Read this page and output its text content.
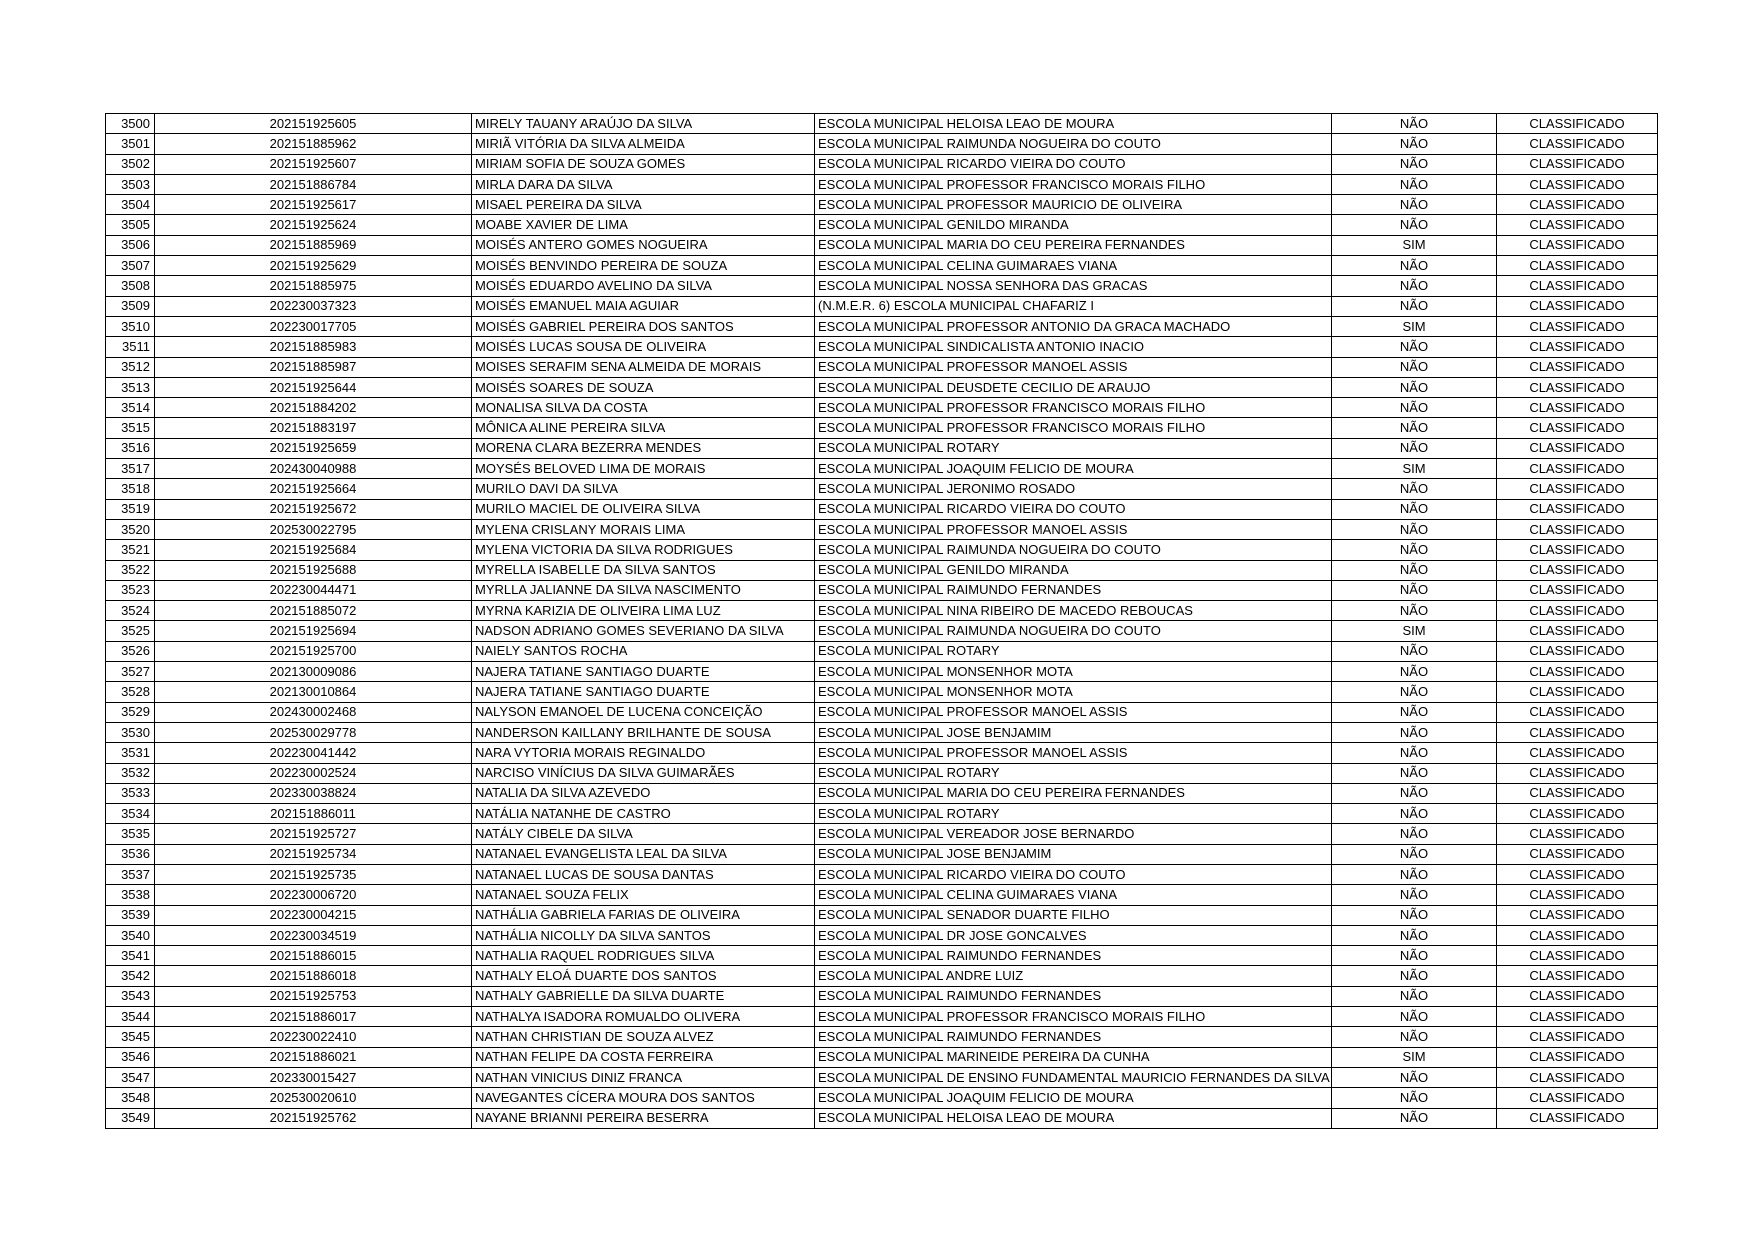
3500	202151925605	MIRELY TAUANY ARAÚJO DA SILVA	ESCOLA MUNICIPAL HELOISA LEAO DE MOURA	NÃO	CLASSIFICADO
3501	202151885962	MIRIÃ VITÓRIA DA SILVA ALMEIDA	ESCOLA MUNICIPAL RAIMUNDA NOGUEIRA DO COUTO	NÃO	CLASSIFICADO
3502	202151925607	MIRIAM SOFIA DE SOUZA GOMES	ESCOLA MUNICIPAL RICARDO VIEIRA DO COUTO	NÃO	CLASSIFICADO
3503	202151886784	MIRLA DARA DA SILVA	ESCOLA MUNICIPAL PROFESSOR FRANCISCO MORAIS FILHO	NÃO	CLASSIFICADO
3504	202151925617	MISAEL PEREIRA DA SILVA	ESCOLA MUNICIPAL PROFESSOR MAURICIO DE OLIVEIRA	NÃO	CLASSIFICADO
3505	202151925624	MOABE XAVIER DE LIMA	ESCOLA MUNICIPAL GENILDO MIRANDA	NÃO	CLASSIFICADO
3506	202151885969	MOISÉS ANTERO GOMES NOGUEIRA	ESCOLA MUNICIPAL MARIA DO CEU PEREIRA FERNANDES	SIM	CLASSIFICADO
3507	202151925629	MOISÉS BENVINDO PEREIRA DE SOUZA	ESCOLA MUNICIPAL CELINA GUIMARAES VIANA	NÃO	CLASSIFICADO
3508	202151885975	MOISÉS EDUARDO AVELINO DA SILVA	ESCOLA MUNICIPAL NOSSA SENHORA DAS GRACAS	NÃO	CLASSIFICADO
3509	202230037323	MOISÉS EMANUEL MAIA AGUIAR	(N.M.E.R. 6) ESCOLA MUNICIPAL CHAFARIZ I	NÃO	CLASSIFICADO
3510	202230017705	MOISÉS GABRIEL PEREIRA DOS SANTOS	ESCOLA MUNICIPAL PROFESSOR ANTONIO DA GRACA MACHADO	SIM	CLASSIFICADO
3511	202151885983	MOISÉS LUCAS SOUSA DE OLIVEIRA	ESCOLA MUNICIPAL SINDICALISTA ANTONIO INACIO	NÃO	CLASSIFICADO
3512	202151885987	MOISES SERAFIM SENA ALMEIDA DE MORAIS	ESCOLA MUNICIPAL PROFESSOR MANOEL ASSIS	NÃO	CLASSIFICADO
3513	202151925644	MOISÉS SOARES DE SOUZA	ESCOLA MUNICIPAL DEUSDETE CECILIO DE ARAUJO	NÃO	CLASSIFICADO
3514	202151884202	MONALISA SILVA DA COSTA	ESCOLA MUNICIPAL PROFESSOR FRANCISCO MORAIS FILHO	NÃO	CLASSIFICADO
3515	202151883197	MÔNICA ALINE PEREIRA SILVA	ESCOLA MUNICIPAL PROFESSOR FRANCISCO MORAIS FILHO	NÃO	CLASSIFICADO
3516	202151925659	MORENA CLARA BEZERRA MENDES	ESCOLA MUNICIPAL ROTARY	NÃO	CLASSIFICADO
3517	202430040988	MOYSÉS BELOVED LIMA DE MORAIS	ESCOLA MUNICIPAL JOAQUIM FELICIO DE MOURA	SIM	CLASSIFICADO
3518	202151925664	MURILO DAVI DA SILVA	ESCOLA MUNICIPAL JERONIMO ROSADO	NÃO	CLASSIFICADO
3519	202151925672	MURILO MACIEL DE OLIVEIRA SILVA	ESCOLA MUNICIPAL RICARDO VIEIRA DO COUTO	NÃO	CLASSIFICADO
3520	202530022795	MYLENA CRISLANY MORAIS LIMA	ESCOLA MUNICIPAL PROFESSOR MANOEL ASSIS	NÃO	CLASSIFICADO
3521	202151925684	MYLENA VICTORIA DA SILVA RODRIGUES	ESCOLA MUNICIPAL RAIMUNDA NOGUEIRA DO COUTO	NÃO	CLASSIFICADO
3522	202151925688	MYRELLA ISABELLE DA SILVA SANTOS	ESCOLA MUNICIPAL GENILDO MIRANDA	NÃO	CLASSIFICADO
3523	202230044471	MYRLLA JALIANNE DA SILVA NASCIMENTO	ESCOLA MUNICIPAL RAIMUNDO FERNANDES	NÃO	CLASSIFICADO
3524	202151885072	MYRNA KARIZIA DE OLIVEIRA LIMA LUZ	ESCOLA MUNICIPAL NINA RIBEIRO DE MACEDO REBOUCAS	NÃO	CLASSIFICADO
3525	202151925694	NADSON ADRIANO GOMES SEVERIANO DA SILVA	ESCOLA MUNICIPAL RAIMUNDA NOGUEIRA DO COUTO	SIM	CLASSIFICADO
3526	202151925700	NAIELY SANTOS ROCHA	ESCOLA MUNICIPAL ROTARY	NÃO	CLASSIFICADO
3527	202130009086	NAJERA TATIANE SANTIAGO DUARTE	ESCOLA MUNICIPAL MONSENHOR MOTA	NÃO	CLASSIFICADO
3528	202130010864	NAJERA TATIANE SANTIAGO DUARTE	ESCOLA MUNICIPAL MONSENHOR MOTA	NÃO	CLASSIFICADO
3529	202430002468	NALYSON EMANOEL DE LUCENA CONCEIÇÃO	ESCOLA MUNICIPAL PROFESSOR MANOEL ASSIS	NÃO	CLASSIFICADO
3530	202530029778	NANDERSON KAILLANY BRILHANTE DE SOUSA	ESCOLA MUNICIPAL JOSE BENJAMIM	NÃO	CLASSIFICADO
3531	202230041442	NARA VYTORIA MORAIS REGINALDO	ESCOLA MUNICIPAL PROFESSOR MANOEL ASSIS	NÃO	CLASSIFICADO
3532	202230002524	NARCISO VINÍCIUS DA SILVA GUIMARÃES	ESCOLA MUNICIPAL ROTARY	NÃO	CLASSIFICADO
3533	202330038824	NATALIA DA SILVA AZEVEDO	ESCOLA MUNICIPAL MARIA DO CEU PEREIRA FERNANDES	NÃO	CLASSIFICADO
3534	202151886011	NATÁLIA NATANHE DE CASTRO	ESCOLA MUNICIPAL ROTARY	NÃO	CLASSIFICADO
3535	202151925727	NATÁLY CIBELE DA SILVA	ESCOLA MUNICIPAL VEREADOR JOSE BERNARDO	NÃO	CLASSIFICADO
3536	202151925734	NATANAEL EVANGELISTA LEAL DA SILVA	ESCOLA MUNICIPAL JOSE BENJAMIM	NÃO	CLASSIFICADO
3537	202151925735	NATANAEL LUCAS DE SOUSA DANTAS	ESCOLA MUNICIPAL RICARDO VIEIRA DO COUTO	NÃO	CLASSIFICADO
3538	202230006720	NATANAEL SOUZA FELIX	ESCOLA MUNICIPAL CELINA GUIMARAES VIANA	NÃO	CLASSIFICADO
3539	202230004215	NATHÁLIA GABRIELA FARIAS DE OLIVEIRA	ESCOLA MUNICIPAL SENADOR DUARTE FILHO	NÃO	CLASSIFICADO
3540	202230034519	NATHÁLIA NICOLLY DA SILVA SANTOS	ESCOLA MUNICIPAL DR JOSE GONCALVES	NÃO	CLASSIFICADO
3541	202151886015	NATHALIA RAQUEL RODRIGUES SILVA	ESCOLA MUNICIPAL RAIMUNDO FERNANDES	NÃO	CLASSIFICADO
3542	202151886018	NATHALY ELOÁ DUARTE DOS SANTOS	ESCOLA MUNICIPAL ANDRE LUIZ	NÃO	CLASSIFICADO
3543	202151925753	NATHALY GABRIELLE DA SILVA DUARTE	ESCOLA MUNICIPAL RAIMUNDO FERNANDES	NÃO	CLASSIFICADO
3544	202151886017	NATHALYA ISADORA ROMUALDO OLIVERA	ESCOLA MUNICIPAL PROFESSOR FRANCISCO MORAIS FILHO	NÃO	CLASSIFICADO
3545	202230022410	NATHAN CHRISTIAN DE SOUZA ALVEZ	ESCOLA MUNICIPAL RAIMUNDO FERNANDES	NÃO	CLASSIFICADO
3546	202151886021	NATHAN FELIPE DA COSTA FERREIRA	ESCOLA MUNICIPAL MARINEIDE PEREIRA DA CUNHA	SIM	CLASSIFICADO
3547	202330015427	NATHAN VINICIUS DINIZ FRANCA	ESCOLA MUNICIPAL DE ENSINO FUNDAMENTAL MAURICIO FERNANDES DA SILVA	NÃO	CLASSIFICADO
3548	202530020610	NAVEGANTES CÍCERA MOURA DOS SANTOS	ESCOLA MUNICIPAL JOAQUIM FELICIO DE MOURA	NÃO	CLASSIFICADO
3549	202151925762	NAYANE BRIANNI PEREIRA BESERRA	ESCOLA MUNICIPAL HELOISA LEAO DE MOURA	NÃO	CLASSIFICADO
